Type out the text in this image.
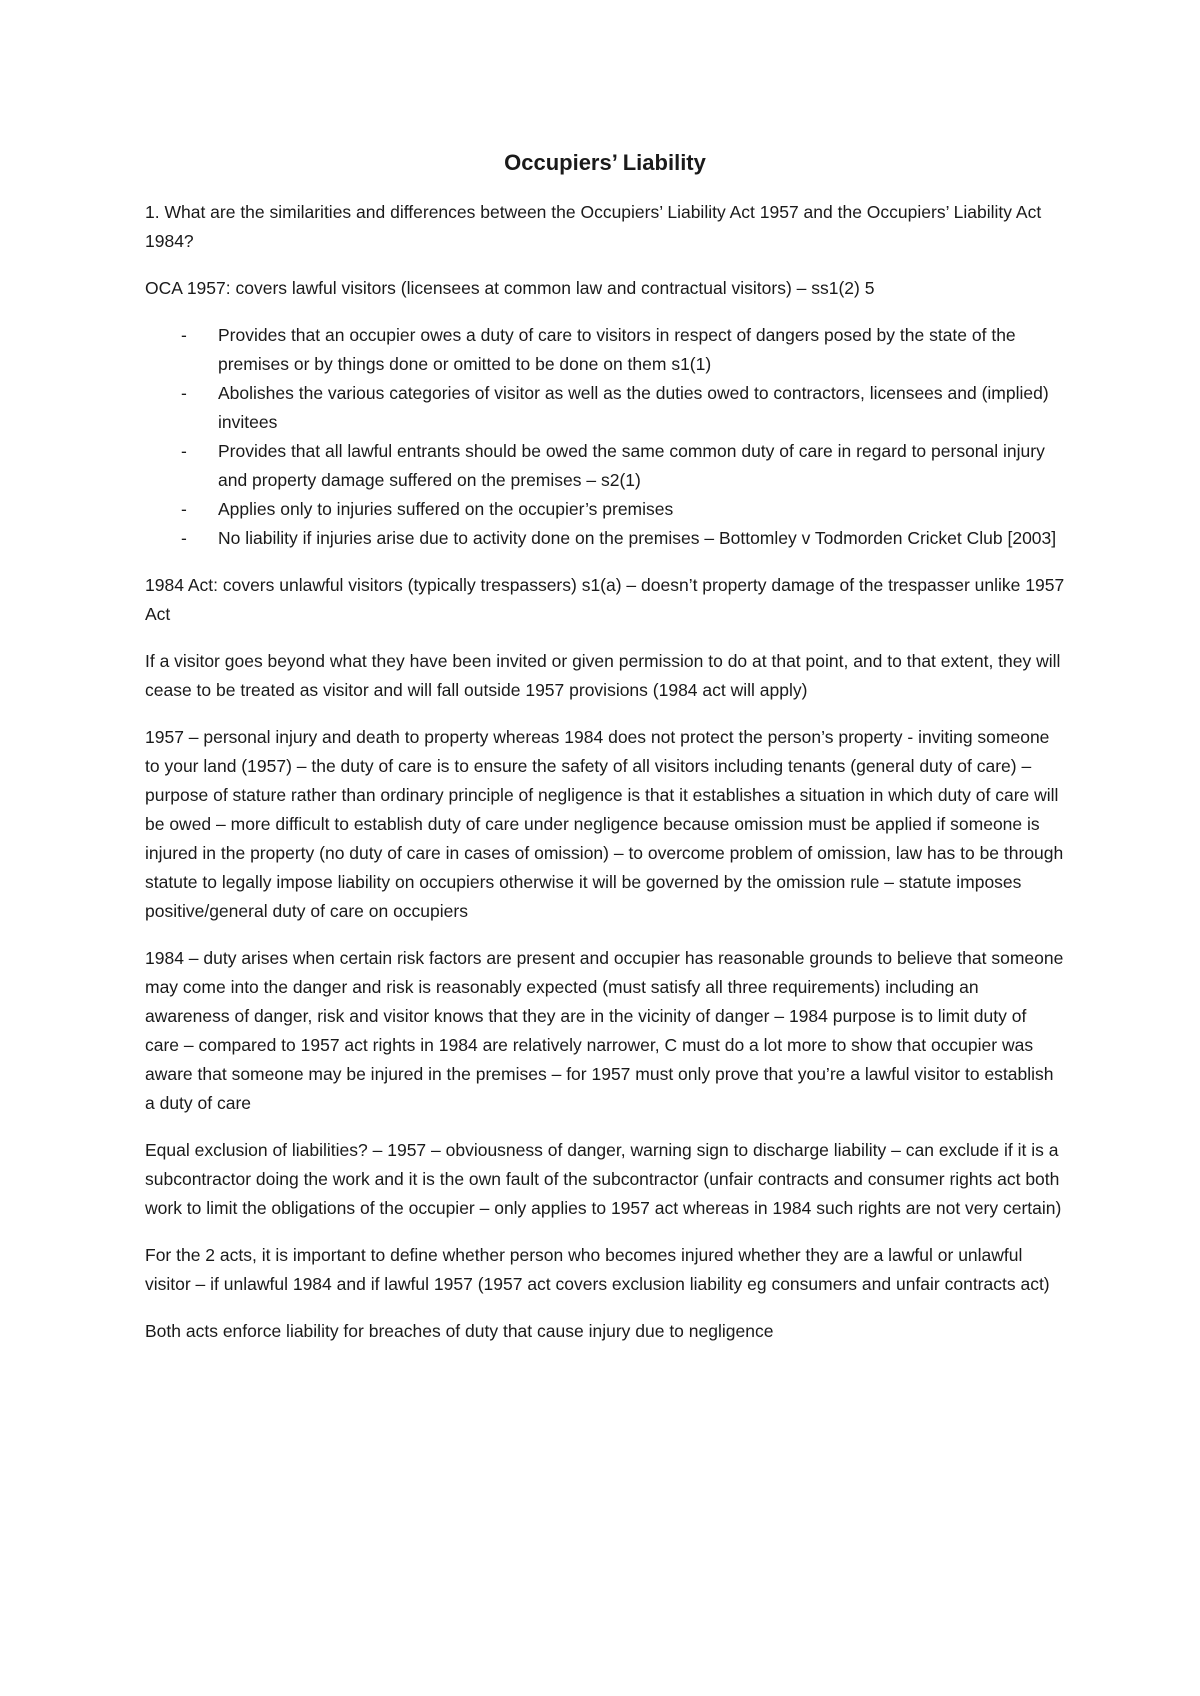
Occupiers’ Liability

1. What are the similarities and differences between the Occupiers’ Liability Act 1957 and the Occupiers’ Liability Act 1984?

OCA 1957: covers lawful visitors (licensees at common law and contractual visitors) – ss1(2) 5

- Provides that an occupier owes a duty of care to visitors in respect of dangers posed by the state of the premises or by things done or omitted to be done on them s1(1)
- Abolishes the various categories of visitor as well as the duties owed to contractors, licensees and (implied) invitees
- Provides that all lawful entrants should be owed the same common duty of care in regard to personal injury and property damage suffered on the premises – s2(1)
- Applies only to injuries suffered on the occupier’s premises
- No liability if injuries arise due to activity done on the premises – Bottomley v Todmorden Cricket Club [2003]

1984 Act: covers unlawful visitors (typically trespassers) s1(a) – doesn’t property damage of the trespasser unlike 1957 Act

If a visitor goes beyond what they have been invited or given permission to do at that point, and to that extent, they will cease to be treated as visitor and will fall outside 1957 provisions (1984 act will apply)

1957 – personal injury and death to property whereas 1984 does not protect the person’s property - inviting someone to your land (1957) – the duty of care is to ensure the safety of all visitors including tenants (general duty of care) – purpose of stature rather than ordinary principle of negligence is that it establishes a situation in which duty of care will be owed – more difficult to establish duty of care under negligence because omission must be applied if someone is injured in the property (no duty of care in cases of omission) – to overcome problem of omission, law has to be through statute to legally impose liability on occupiers otherwise it will be governed by the omission rule – statute imposes positive/general duty of care on occupiers

1984 – duty arises when certain risk factors are present and occupier has reasonable grounds to believe that someone may come into the danger and risk is reasonably expected (must satisfy all three requirements) including an awareness of danger, risk and visitor knows that they are in the vicinity of danger – 1984 purpose is to limit duty of care – compared to 1957 act rights in 1984 are relatively narrower, C must do a lot more to show that occupier was aware that someone may be injured in the premises – for 1957 must only prove that you’re a lawful visitor to establish a duty of care

Equal exclusion of liabilities? – 1957 – obviousness of danger, warning sign to discharge liability – can exclude if it is a subcontractor doing the work and it is the own fault of the subcontractor (unfair contracts and consumer rights act both work to limit the obligations of the occupier – only applies to 1957 act whereas in 1984 such rights are not very certain)

For the 2 acts, it is important to define whether person who becomes injured whether they are a lawful or unlawful visitor – if unlawful 1984 and if lawful 1957 (1957 act covers exclusion liability eg consumers and unfair contracts act)

Both acts enforce liability for breaches of duty that cause injury due to negligence
